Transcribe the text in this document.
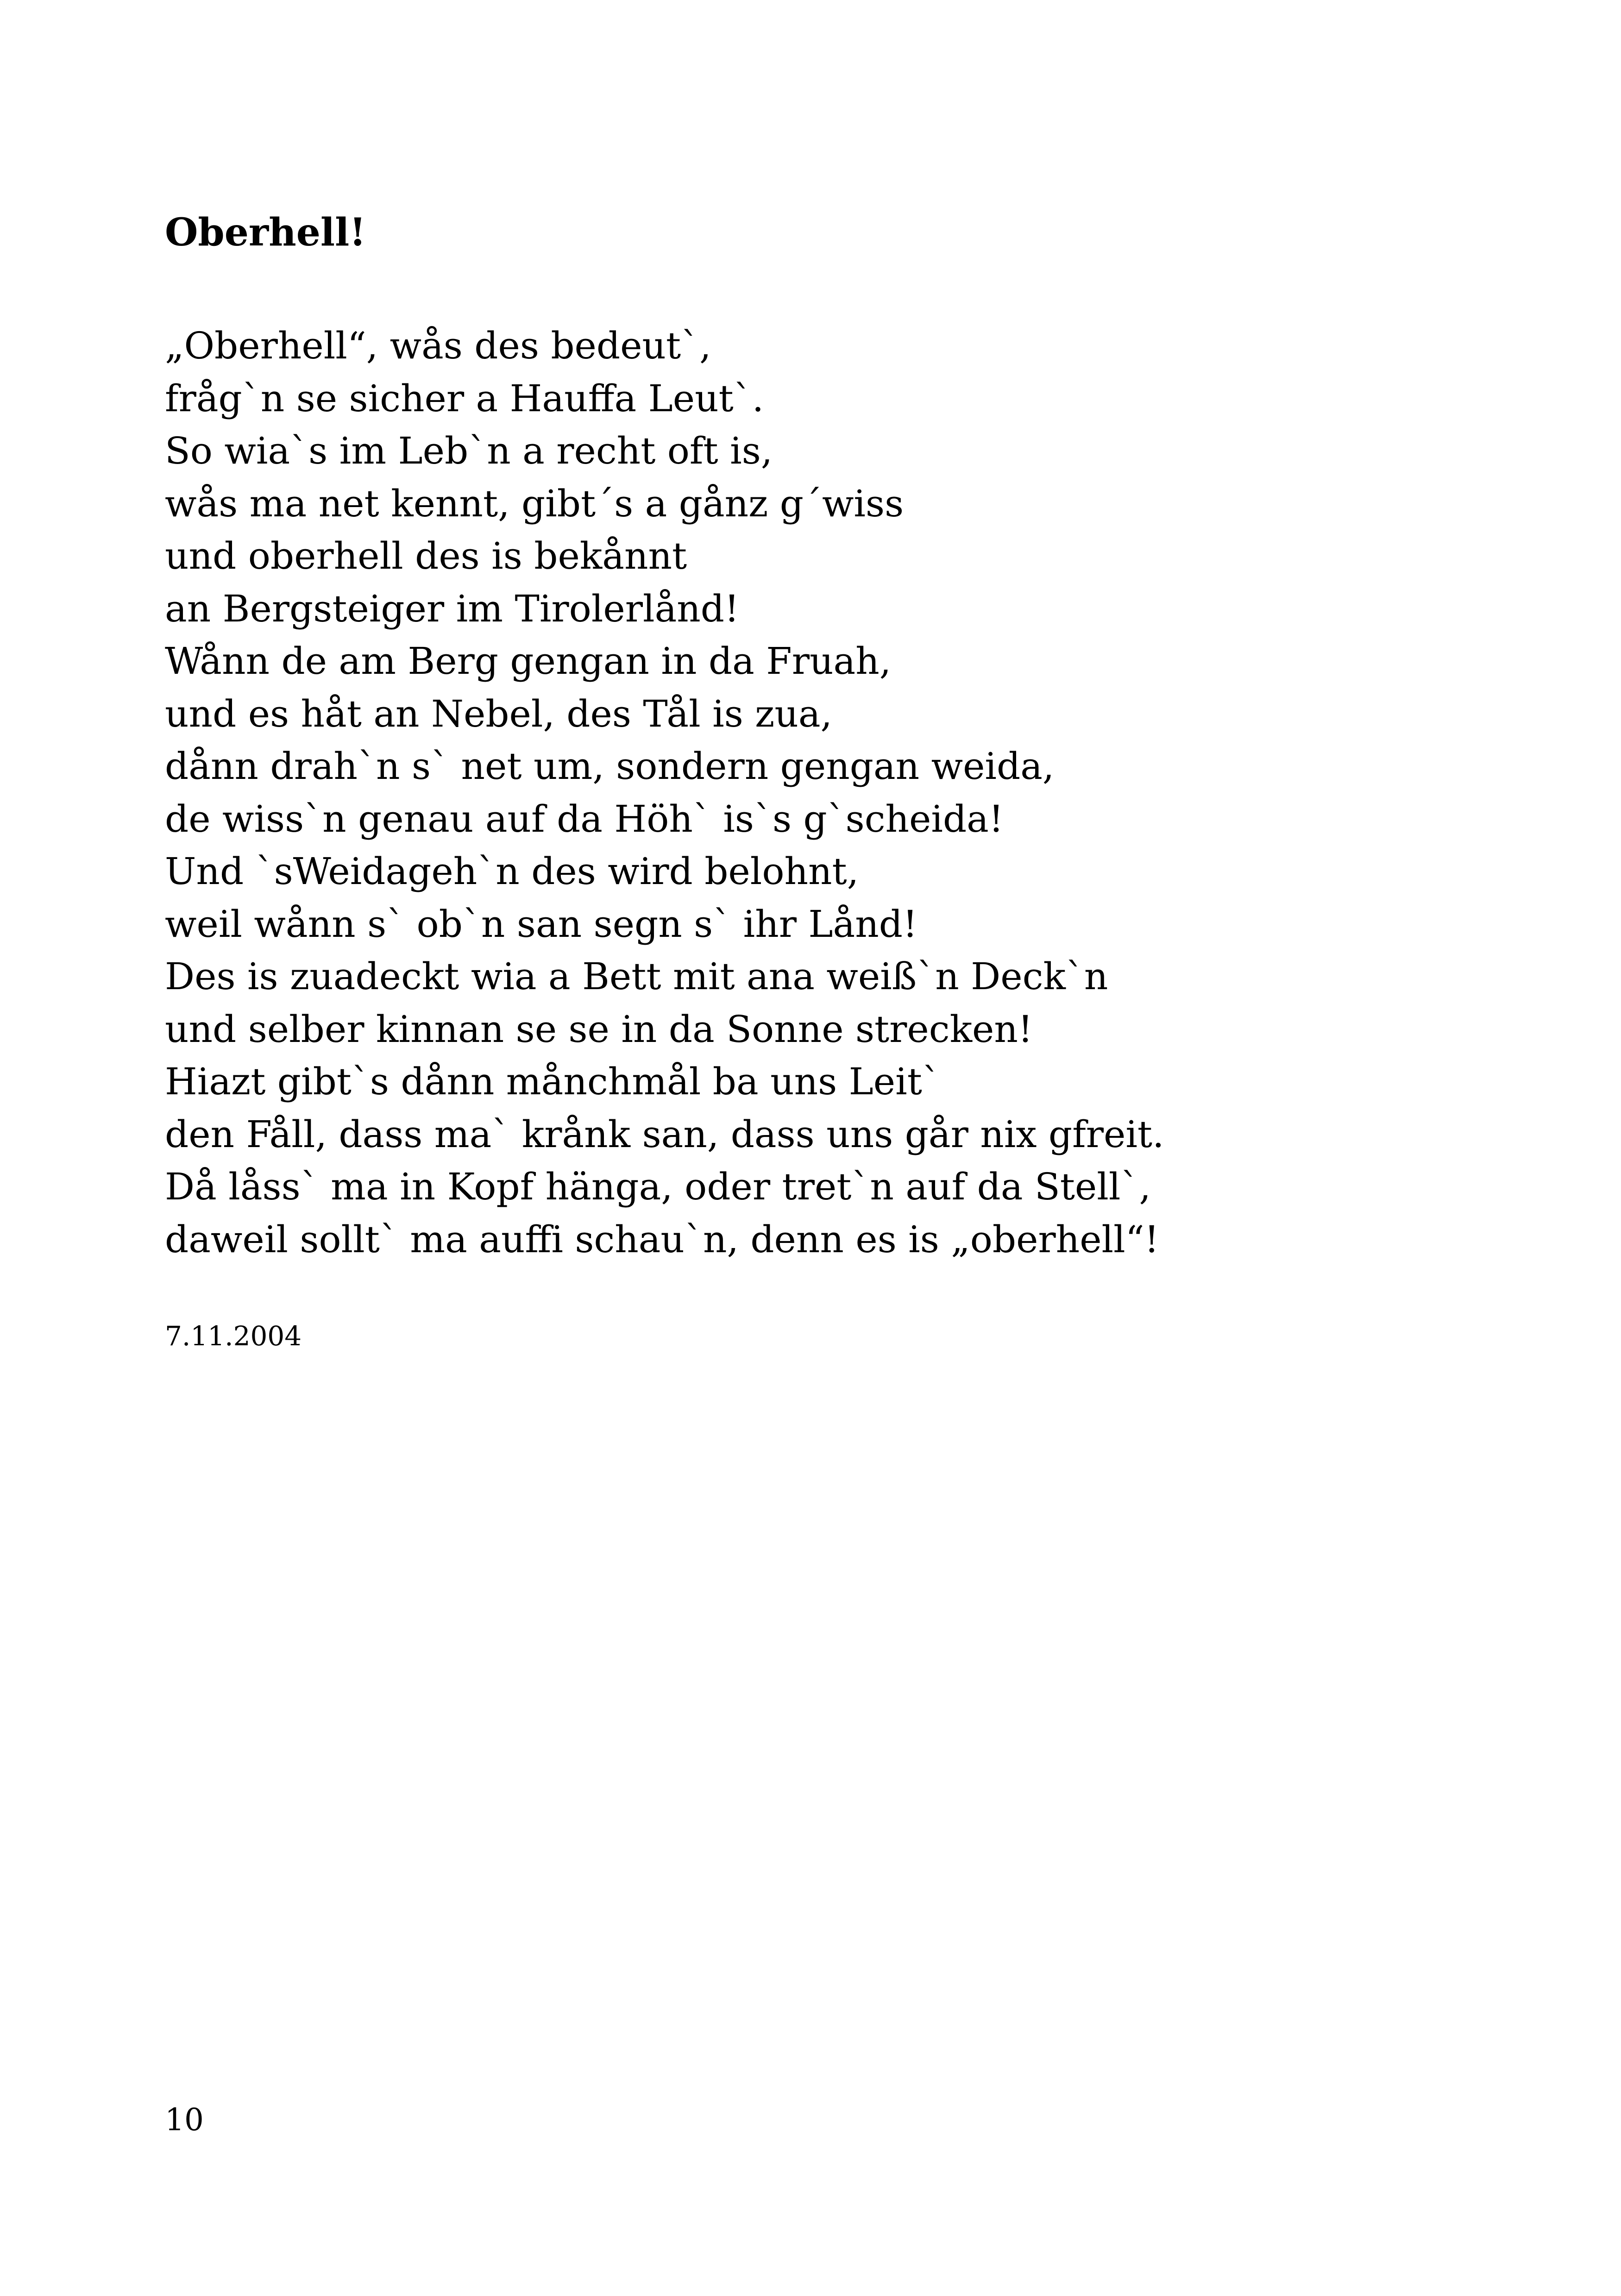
Oberhell!
„Oberhell“, wås des bedeut`,
fråg`n se sicher a Hauffa Leut`.
So wia`s im Leb`n a recht oft is,
wås ma net kennt, gibt´s a gånz g´wiss
und oberhell des is bekånnt
an Bergsteiger im Tirolerlånd!
Wånn de am Berg gengan in da Fruah,
und es håt an Nebel, des Tål is zua,
dånn drah`n s` net um, sondern gengan weida,
de wiss`n genau auf da Höh` is`s g`scheida!
Und `sWeidageh`n des wird belohnt,
weil wånn s` ob`n san segn s` ihr Lånd!
Des is zuadeckt wia a Bett mit ana weiß`n Deck`n
und selber kinnan se se in da Sonne strecken!
Hiazt gibt`s dånn månchmål ba uns Leit`
den Fåll, dass ma` krånk san, dass uns går nix gfreit.
Då låss` ma in Kopf hänga, oder tret`n auf da Stell`,
daweil sollt` ma auffi schau`n, denn es is „oberhell“!
7.11.2004
10
